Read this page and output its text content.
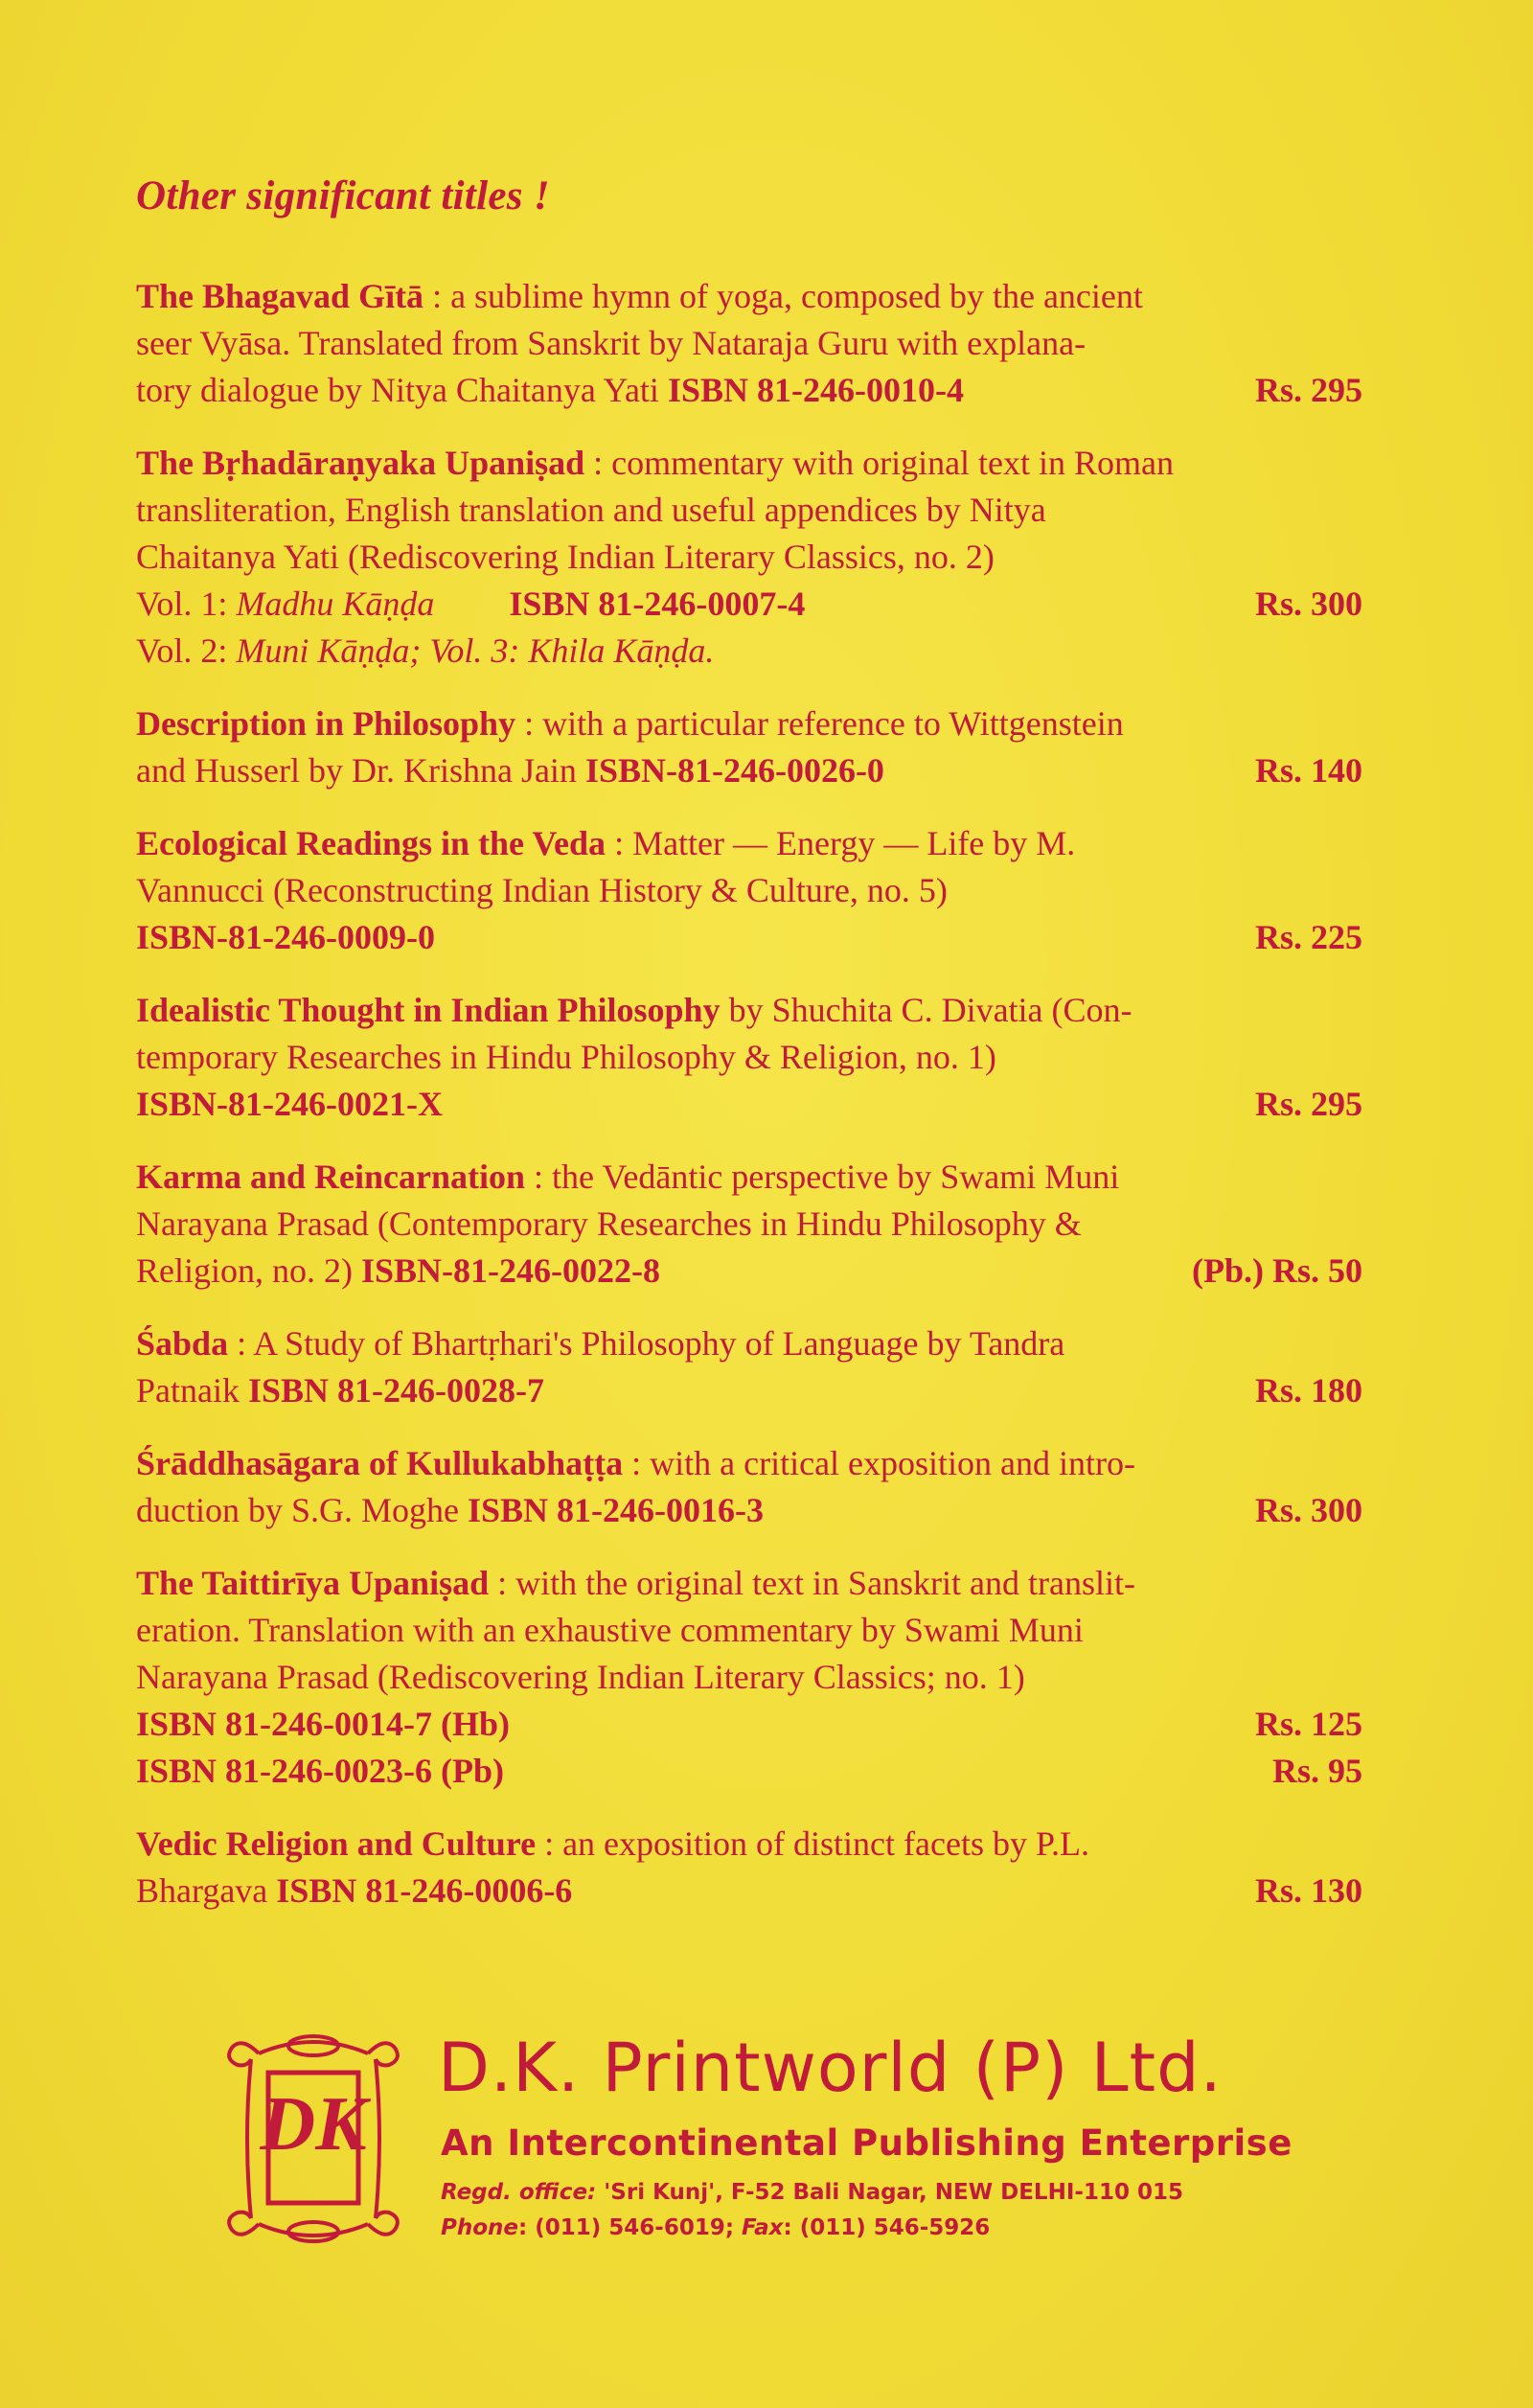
Other significant titles !
The Bhagavad Gītā : a sublime hymn of yoga, composed by the ancient
seer Vyāsa. Translated from Sanskrit by Nataraja Guru with explana-
tory dialogue by Nitya Chaitanya Yati ISBN 81-246-0010-4	Rs. 295
The Bṛhadāraṇyaka Upaniṣad : commentary with original text in Roman
transliteration, English translation and useful appendices by Nitya
Chaitanya Yati (Rediscovering Indian Literary Classics, no. 2)
Vol. 1: Madhu Kāṇḍa ISBN 81-246-0007-4	Rs. 300
Vol. 2: Muni Kāṇḍa; Vol. 3: Khila Kāṇḍa.
Description in Philosophy : with a particular reference to Wittgenstein
and Husserl by Dr. Krishna Jain ISBN-81-246-0026-0	Rs. 140
Ecological Readings in the Veda : Matter — Energy — Life by M.
Vannucci (Reconstructing Indian History & Culture, no. 5)
ISBN-81-246-0009-0	Rs. 225
Idealistic Thought in Indian Philosophy by Shuchita C. Divatia (Con-
temporary Researches in Hindu Philosophy & Religion, no. 1)
ISBN-81-246-0021-X	Rs. 295
Karma and Reincarnation : the Vedāntic perspective by Swami Muni
Narayana Prasad (Contemporary Researches in Hindu Philosophy &
Religion, no. 2) ISBN-81-246-0022-8	(Pb.) Rs. 50
Śabda : A Study of Bhartṛhari's Philosophy of Language by Tandra
Patnaik ISBN 81-246-0028-7	Rs. 180
Śrāddhasāgara of Kullukabhaṭṭa : with a critical exposition and intro-
duction by S.G. Moghe ISBN 81-246-0016-3	Rs. 300
The Taittirīya Upaniṣad : with the original text in Sanskrit and translit-
eration. Translation with an exhaustive commentary by Swami Muni
Narayana Prasad (Rediscovering Indian Literary Classics; no. 1)
ISBN 81-246-0014-7 (Hb)	Rs. 125
ISBN 81-246-0023-6 (Pb)	Rs. 95
Vedic Religion and Culture : an exposition of distinct facets by P.L.
Bhargava ISBN 81-246-0006-6	Rs. 130
DK
D.K. Printworld (P) Ltd.
An Intercontinental Publishing Enterprise
Regd. office: 'Sri Kunj', F-52 Bali Nagar, NEW DELHI-110 015
Phone: (011) 546-6019; Fax: (011) 546-5926
